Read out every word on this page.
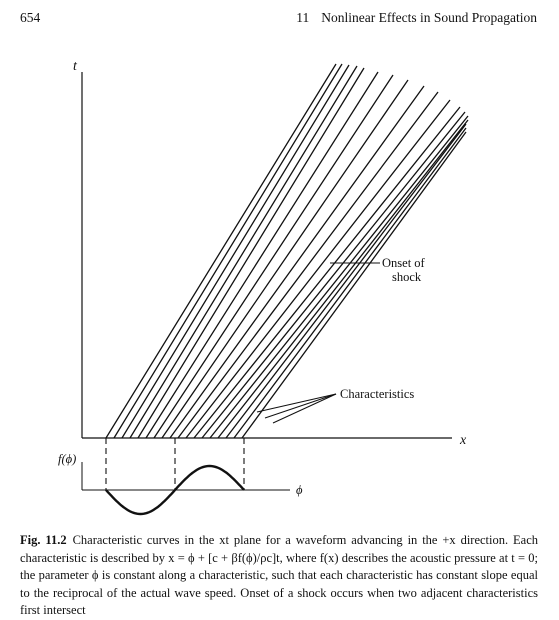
654	11 Nonlinear Effects in Sound Propagation
t
x
Onset of
shock
Characteristics
f(ϕ)
ϕ
Fig. 11.2 Characteristic curves in the xt plane for a waveform advancing in the +x direction. Each characteristic is described by x = ϕ + [c + βf(ϕ)/ρc]t, where f(x) describes the acoustic pressure at t = 0; the parameter ϕ is constant along a characteristic, such that each characteristic has constant slope equal to the reciprocal of the actual wave speed. Onset of a shock occurs when two adjacent characteristics first intersect
